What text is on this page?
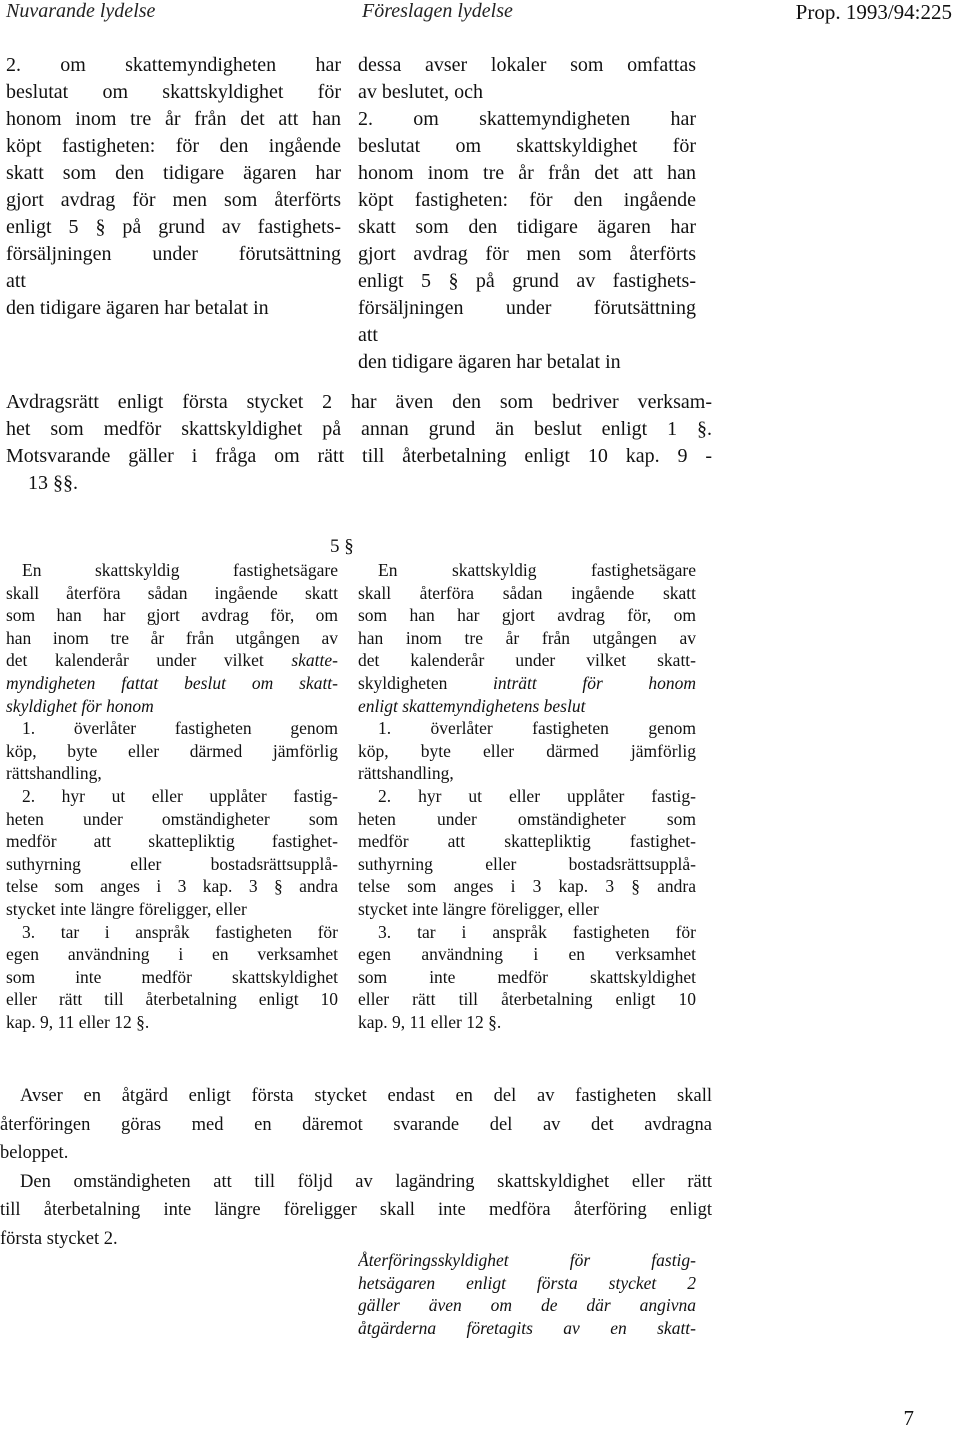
Nuvarande lydelse	Föreslagen lydelse	Prop. 1993/94:225
2. om skattemyndigheten har
beslutat om skattskyldighet för
honom inom tre år från det att han
köpt fastigheten: för den ingående
skatt som den tidigare ägaren har
gjort avdrag för men som återförts
enligt 5 § på grund av fastighets-
försäljningen under förutsättning
att
den tidigare ägaren har betalat in
dessa avser lokaler som omfattas
av beslutet, och
2. om skattemyndigheten har
beslutat om skattskyldighet för
honom inom tre år från det att han
köpt fastigheten: för den ingående
skatt som den tidigare ägaren har
gjort avdrag för men som återförts
enligt 5 § på grund av fastighets-
försäljningen under förutsättning
att
den tidigare ägaren har betalat in
Avdragsrätt enligt första stycket 2 har även den som bedriver verksam-
het som medför skattskyldighet på annan grund än beslut enligt 1 §.
Motsvarande gäller i fråga om rätt till återbetalning enligt 10 kap. 9 -
13 §§.
5 §
En skattskyldig fastighetsägare
skall återföra sådan ingående skatt
som han har gjort avdrag för, om
han inom tre år från utgången av
det kalenderår under vilket skatte-
myndigheten fattat beslut om skatt-
skyldighet för honom
1. överlåter fastigheten genom
köp, byte eller därmed jämförlig
rättshandling,
2. hyr ut eller upplåter fastig-
heten under omständigheter som
medför att skattepliktig fastighet-
suthyrning eller bostadsrättsupplå-
telse som anges i 3 kap. 3 § andra
stycket inte längre föreligger, eller
3. tar i anspråk fastigheten för
egen användning i en verksamhet
som inte medför skattskyldighet
eller rätt till återbetalning enligt 10
kap. 9, 11 eller 12 §.
En skattskyldig fastighetsägare
skall återföra sådan ingående skatt
som han har gjort avdrag för, om
han inom tre år från utgången av
det kalenderår under vilket skatt-
skyldigheten inträtt för honom
enligt skattemyndighetens beslut
1. överlåter fastigheten genom
köp, byte eller därmed jämförlig
rättshandling,
2. hyr ut eller upplåter fastig-
heten under omständigheter som
medför att skattepliktig fastighet-
suthyrning eller bostadsrättsupplå-
telse som anges i 3 kap. 3 § andra
stycket inte längre föreligger, eller
3. tar i anspråk fastigheten för
egen användning i en verksamhet
som inte medför skattskyldighet
eller rätt till återbetalning enligt 10
kap. 9, 11 eller 12 §.
Avser en åtgärd enligt första stycket endast en del av fastigheten skall
återföringen göras med en däremot svarande del av det avdragna
beloppet.
Den omständigheten att till följd av lagändring skattskyldighet eller rätt
till återbetalning inte längre föreligger skall inte medföra återföring enligt
första stycket 2.
Återföringsskyldighet för fastig-
hetsägaren enligt första stycket 2
gäller även om de där angivna
åtgärderna företagits av en skatt-
7
